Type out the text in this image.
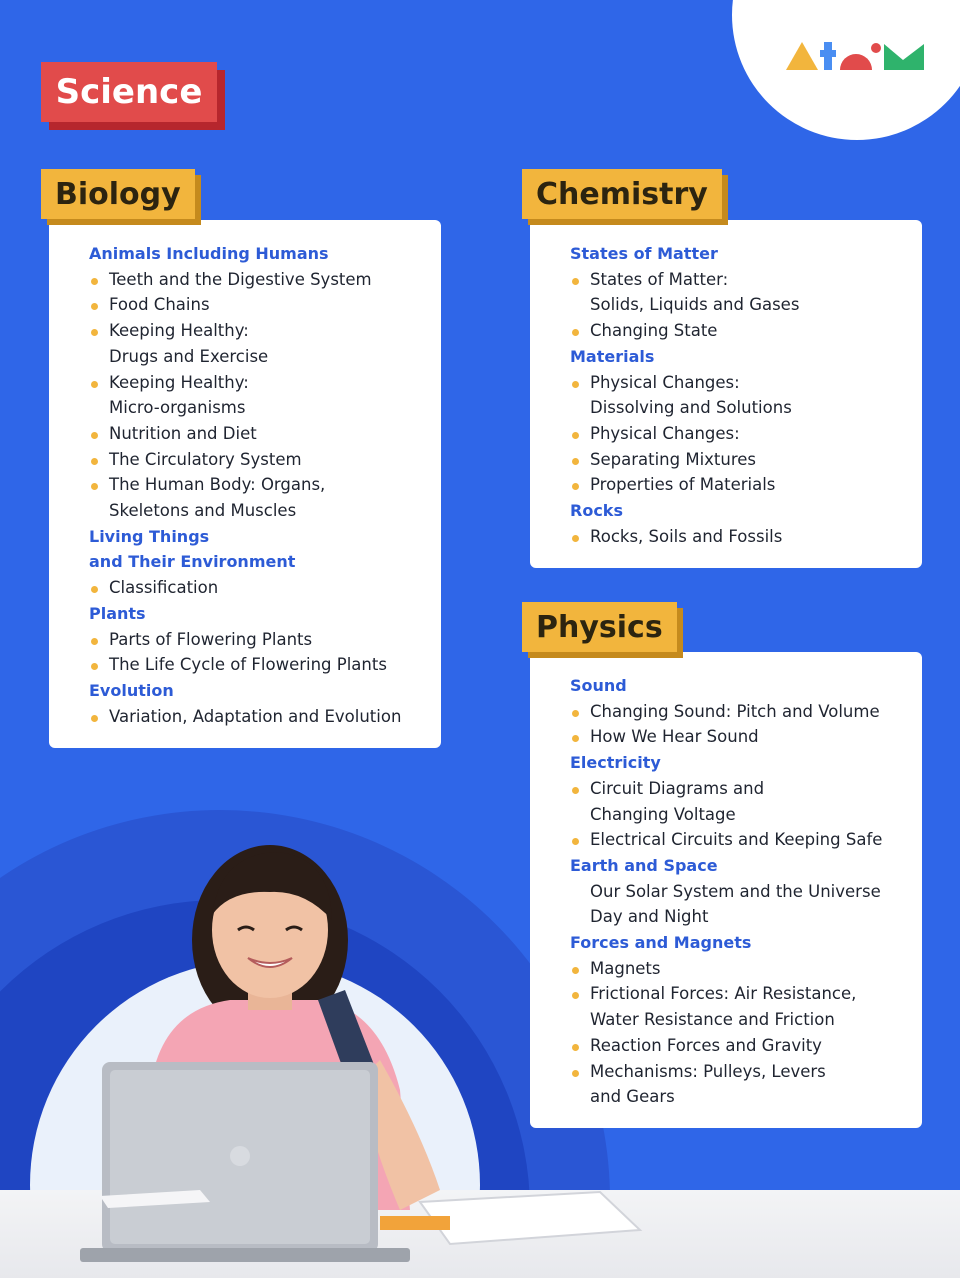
Science
Biology
Animals Including Humans
Teeth and the Digestive System
Food Chains
Keeping Healthy:
Drugs and Exercise
Keeping Healthy:
Micro-organisms
Nutrition and Diet
The Circulatory System
The Human Body: Organs,
Skeletons and Muscles
Living Things
and Their Environment
Classification
Plants
Parts of Flowering Plants
The Life Cycle of Flowering Plants
Evolution
Variation, Adaptation and Evolution
Chemistry
States of Matter
States of Matter:
Solids, Liquids and Gases
Changing State
Materials
Physical Changes:
Dissolving and Solutions
Physical Changes:
Separating Mixtures
Properties of Materials
Rocks
Rocks, Soils and Fossils
Physics
Sound
Changing Sound: Pitch and Volume
How We Hear Sound
Electricity
Circuit Diagrams and
Changing Voltage
Electrical Circuits and Keeping Safe
Earth and Space
Our Solar System and the Universe
Day and Night
Forces and Magnets
Magnets
Frictional Forces: Air Resistance,
Water Resistance and Friction
Reaction Forces and Gravity
Mechanisms: Pulleys, Levers
and Gears
